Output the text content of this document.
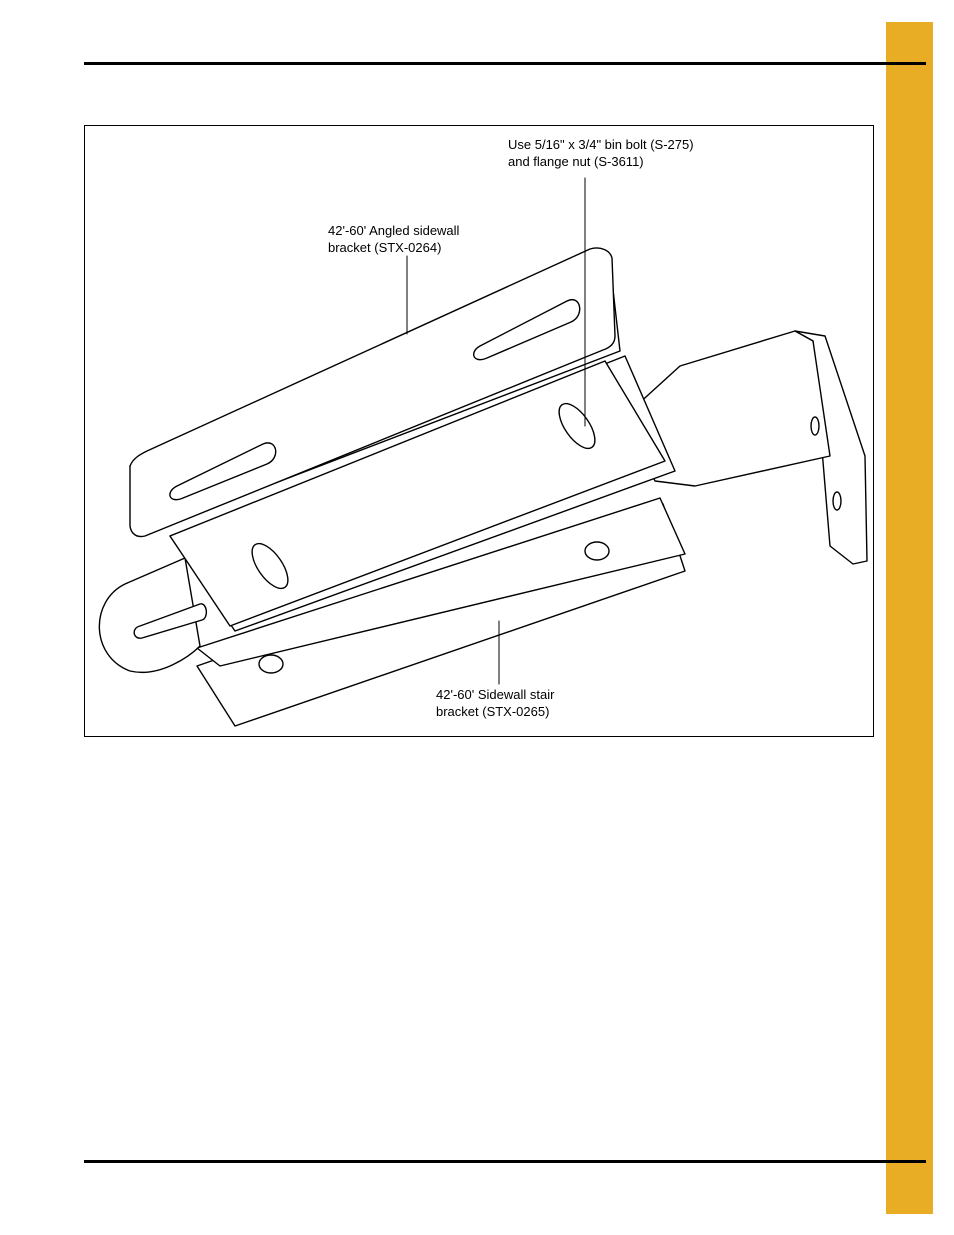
Use 5/16" x 3/4" bin bolt (S-275)
and flange nut (S-3611)
42'-60' Angled sidewall
bracket (STX-0264)
42'-60' Sidewall stair
bracket (STX-0265)
